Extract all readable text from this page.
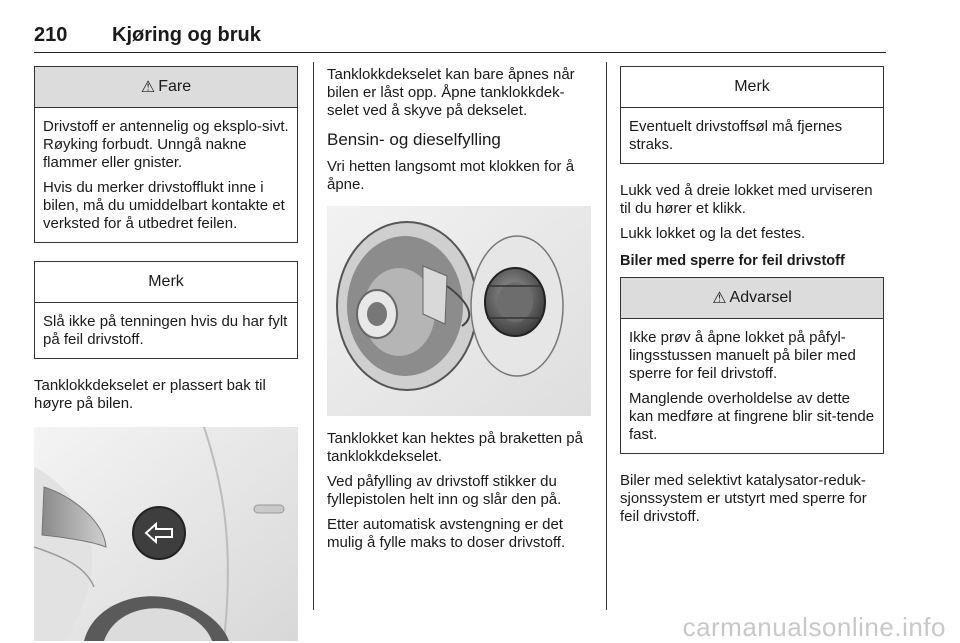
210 Kjøring og bruk
⚠ Fare

Drivstoff er antennelig og eksplo-sivt. Røyking forbudt. Unngå nakne flammer eller gnister.

Hvis du merker drivstofflukt inne i bilen, må du umiddelbart kontakte et verksted for å utbedret feilen.

Merk

Slå ikke på tenningen hvis du har fylt på feil drivstoff.

Tanklokkdekselet er plassert bak til høyre på bilen.

Tanklokkdekselet kan bare åpnes når bilen er låst opp. Åpne tanklokkdek-selet ved å skyve på dekselet.

Bensin- og dieselfylling

Vri hetten langsomt mot klokken for å åpne.

Tanklokket kan hektes på braketten på tanklokkdekselet.

Ved påfylling av drivstoff stikker du fyllepistolen helt inn og slår den på.

Etter automatisk avstengning er det mulig å fylle maks to doser drivstoff.

Merk

Eventuelt drivstoffsøl må fjernes straks.

Lukk ved å dreie lokket med urviseren til du hører et klikk.

Lukk lokket og la det festes.

Biler med sperre for feil drivstoff
⚠ Advarsel

Ikke prøv å åpne lokket på påfyl-lingsstussen manuelt på biler med sperre for feil drivstoff.

Manglende overholdelse av dette kan medføre at fingrene blir sit-tende fast.

Biler med selektivt katalysator-reduk-sjonssystem er utstyrt med sperre for feil drivstoff.

carmanualsonline.info
